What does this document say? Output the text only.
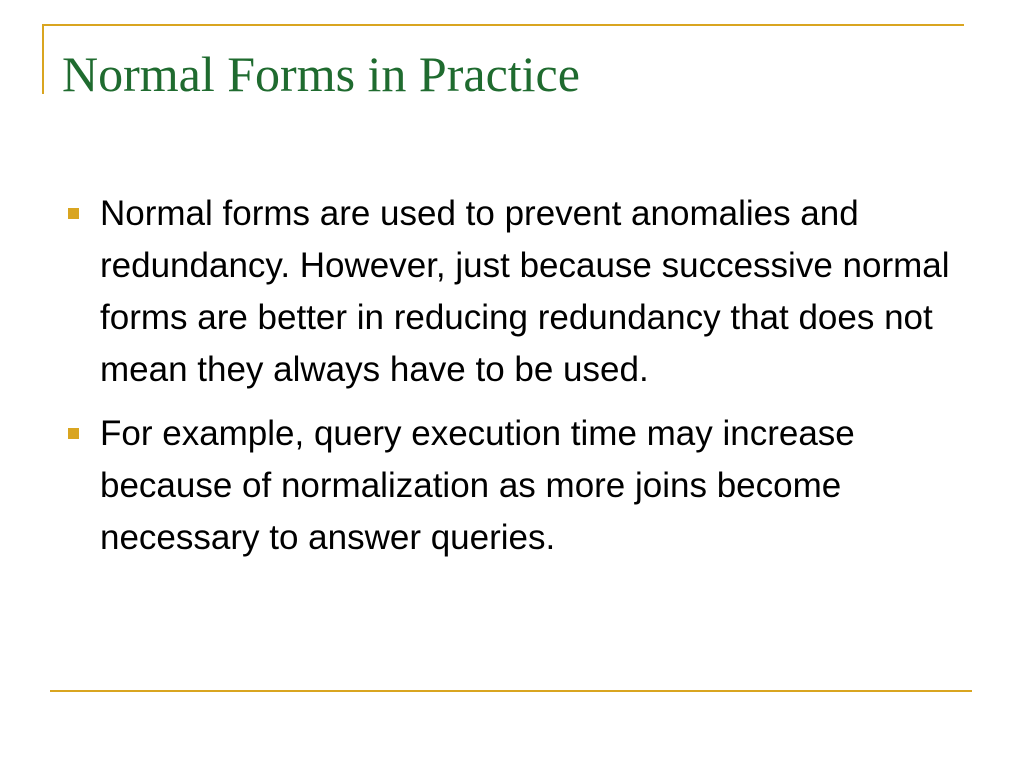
Normal Forms in Practice
Normal forms are used to prevent anomalies and redundancy. However, just because successive normal forms are better in reducing redundancy that does not mean they always have to be used.
For example, query execution time may increase because of normalization as more joins become necessary to answer queries.
